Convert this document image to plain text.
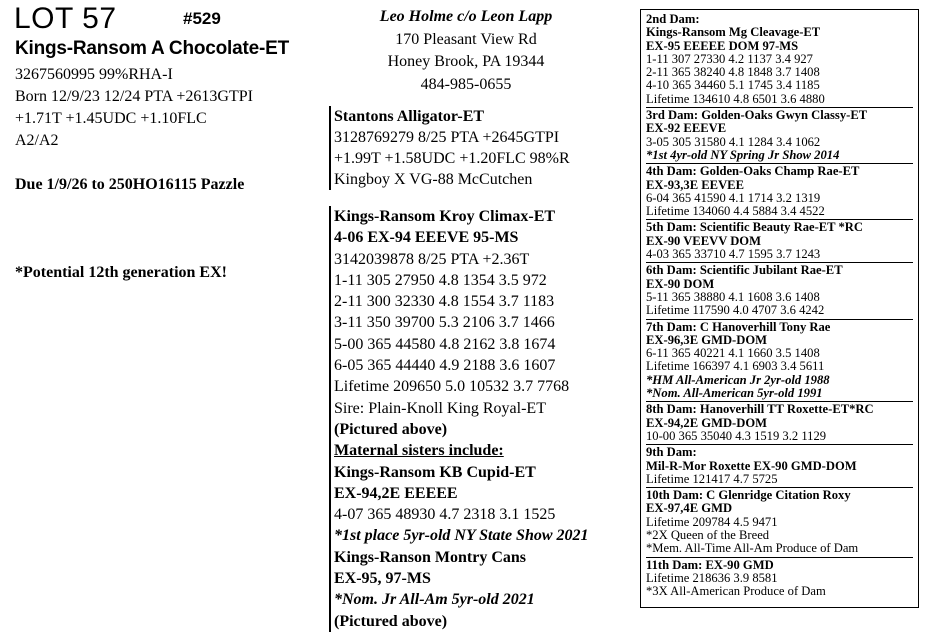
LOT 57	#529
Kings-Ransom A Chocolate-ET
3267560995 99%RHA-I
Born 12/9/23 12/24 PTA +2613GTPI
+1.71T +1.45UDC +1.10FLC
A2/A2
Due 1/9/26 to 250HO16115 Pazzle
*Potential 12th generation EX!
Leo Holme c/o Leon Lapp
170 Pleasant View Rd
Honey Brook, PA 19344
484-985-0655
Stantons Alligator-ET
3128769279 8/25 PTA +2645GTPI
+1.99T +1.58UDC +1.20FLC 98%R
Kingboy X VG-88 McCutchen
Kings-Ransom Kroy Climax-ET
4-06 EX-94 EEEVE 95-MS
3142039878 8/25 PTA +2.36T
1-11 305 27950 4.8 1354 3.5 972
2-11 300 32330 4.8 1554 3.7 1183
3-11 350 39700 5.3 2106 3.7 1466
5-00 365 44580 4.8 2162 3.8 1674
6-05 365 44440 4.9 2188 3.6 1607
Lifetime 209650 5.0 10532 3.7 7768
Sire: Plain-Knoll King Royal-ET
(Pictured above)
Maternal sisters include:
Kings-Ransom KB Cupid-ET
EX-94,2E EEEEE
4-07 365 48930 4.7 2318 3.1 1525
*1st place 5yr-old NY State Show 2021
Kings-Ranson Montry Cans
EX-95, 97-MS
*Nom. Jr All-Am 5yr-old 2021
(Pictured above)
2nd Dam:
Kings-Ransom Mg Cleavage-ET
EX-95 EEEEE DOM 97-MS
1-11 307 27330 4.2 1137 3.4 927
2-11 365 38240 4.8 1848 3.7 1408
4-10 365 34460 5.1 1745 3.4 1185
Lifetime 134610 4.8 6501 3.6 4880
3rd Dam: Golden-Oaks Gwyn Classy-ET
EX-92 EEEVE
3-05 305 31580 4.1 1284 3.4 1062
*1st 4yr-old NY Spring Jr Show 2014
4th Dam: Golden-Oaks Champ Rae-ET
EX-93,3E EEVEE
6-04 365 41590 4.1 1714 3.2 1319
Lifetime 134060 4.4 5884 3.4 4522
5th Dam: Scientific Beauty Rae-ET *RC
EX-90 VEEVV DOM
4-03 365 33710 4.7 1595 3.7 1243
6th Dam: Scientific Jubilant Rae-ET
EX-90 DOM
5-11 365 38880 4.1 1608 3.6 1408
Lifetime 117590 4.0 4707 3.6 4242
7th Dam: C Hanoverhill Tony Rae
EX-96,3E GMD-DOM
6-11 365 40221 4.1 1660 3.5 1408
Lifetime 166397 4.1 6903 3.4 5611
*HM All-American Jr 2yr-old 1988
*Nom. All-American 5yr-old 1991
8th Dam: Hanoverhill TT Roxette-ET*RC
EX-94,2E GMD-DOM
10-00 365 35040 4.3 1519 3.2 1129
9th Dam:
Mil-R-Mor Roxette EX-90 GMD-DOM
Lifetime 121417 4.7 5725
10th Dam: C Glenridge Citation Roxy
EX-97,4E GMD
Lifetime 209784 4.5 9471
*2X Queen of the Breed
*Mem. All-Time All-Am Produce of Dam
11th Dam: EX-90 GMD
Lifetime 218636 3.9 8581
*3X All-American Produce of Dam
